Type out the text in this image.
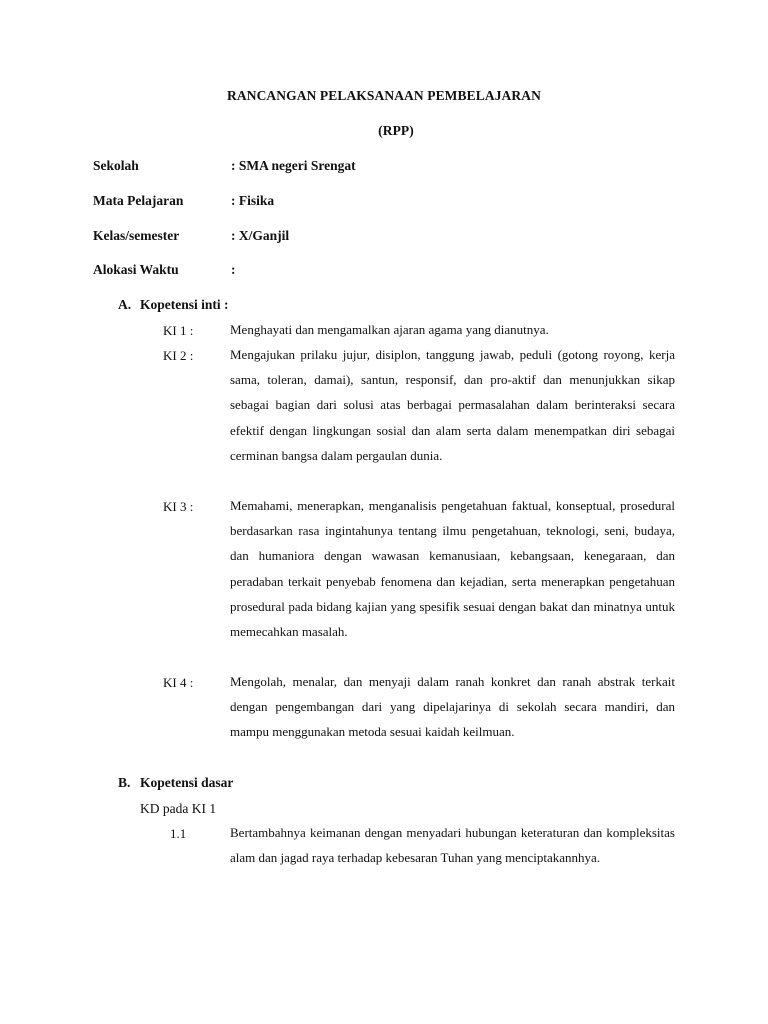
RANCANGAN PELAKSANAAN PEMBELAJARAN
(RPP)
Sekolah	: SMA negeri Srengat
Mata Pelajaran	: Fisika
Kelas/semester	: X/Ganjil
Alokasi Waktu	:
A. Kopetensi inti :
KI 1 :	Menghayati dan mengamalkan ajaran agama yang dianutnya.
KI 2 :	Mengajukan prilaku jujur, disiplon, tanggung jawab, peduli (gotong royong, kerja sama, toleran, damai), santun, responsif, dan pro-aktif dan menunjukkan sikap sebagai bagian dari solusi atas berbagai permasalahan dalam berinteraksi secara efektif dengan lingkungan sosial dan alam serta dalam menempatkan diri sebagai cerminan bangsa dalam pergaulan dunia.
KI 3 :	Memahami, menerapkan, menganalisis pengetahuan faktual, konseptual, prosedural berdasarkan rasa ingintahunya tentang ilmu pengetahuan, teknologi, seni, budaya, dan humaniora dengan wawasan kemanusiaan, kebangsaan, kenegaraan, dan peradaban terkait penyebab fenomena dan kejadian, serta menerapkan pengetahuan prosedural pada bidang kajian yang spesifik sesuai dengan bakat dan minatnya untuk memecahkan masalah.
KI 4 :	Mengolah, menalar, dan menyaji dalam ranah konkret dan ranah abstrak terkait dengan pengembangan dari yang dipelajarinya di sekolah secara mandiri, dan mampu menggunakan metoda sesuai kaidah keilmuan.
B. Kopetensi dasar
KD pada KI 1
1.1	Bertambahnya keimanan dengan menyadari hubungan keteraturan dan kompleksitas alam dan jagad raya terhadap kebesaran Tuhan yang menciptakannhya.
